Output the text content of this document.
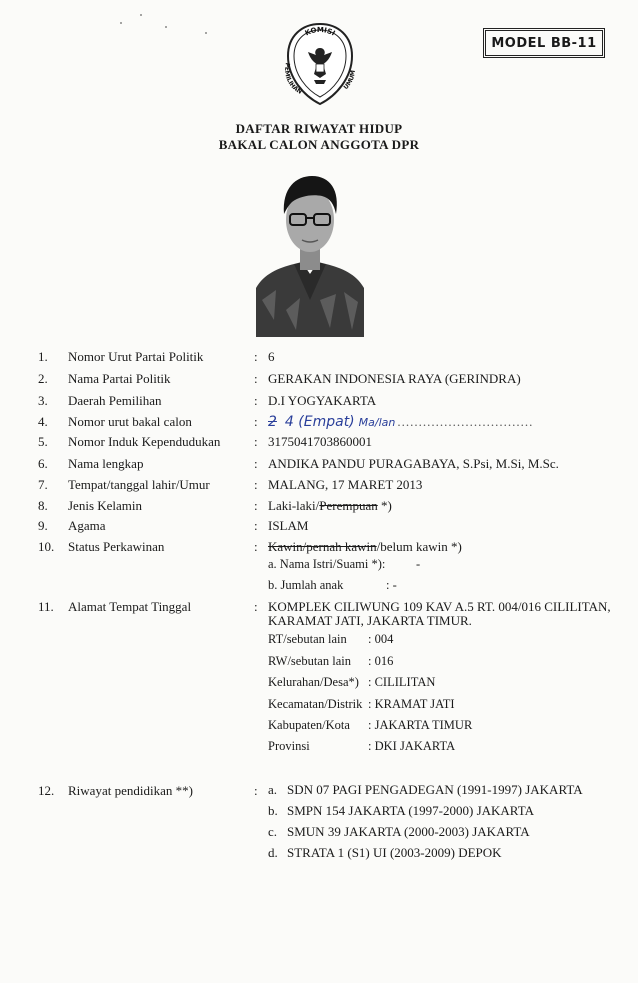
MODEL BB-11
KOMISI
PEMILIHAN
UMUM
DAFTAR RIWAYAT HIDUP
BAKAL CALON ANGGOTA DPR
1.	Nomor Urut Partai Politik	: 6
2.	Nama Partai Politik	: GERAKAN INDONESIA RAYA (GERINDRA)
3.	Daerah Pemilihan	: D.I YOGYAKARTA
4.	Nomor urut bakal calon	: 2 4 (Empat) Ma/lan ................................
5.	Nomor Induk Kependudukan	: 3175041703860001
6.	Nama lengkap	: ANDIKA PANDU PURAGABAYA, S.Psi, M.Si, M.Sc.
7.	Tempat/tanggal lahir/Umur	: MALANG, 17 MARET 2013
8.	Jenis Kelamin	: Laki-laki/Perempuan *)
9.	Agama	: ISLAM
10.	Status Perkawinan	: Kawin/pernah kawin/belum kawin *)
a. Nama Istri/Suami *): -
b. Jumlah anak	: -
11.	Alamat Tempat Tinggal	: KOMPLEK CILIWUNG 109 KAV A.5 RT. 004/016 CILILITAN,
KARAMAT JATI, JAKARTA TIMUR.
RT/sebutan lain : 004
RW/sebutan lain : 016
Kelurahan/Desa*) : CILILITAN
Kecamatan/Distrik : KRAMAT JATI
Kabupaten/Kota : JAKARTA TIMUR
Provinsi	: DKI JAKARTA
12.	Riwayat pendidikan **)	: a. SDN 07 PAGI PENGADEGAN (1991-1997) JAKARTA
b. SMPN 154 JAKARTA (1997-2000) JAKARTA
c. SMUN 39 JAKARTA (2000-2003) JAKARTA
d. STRATA 1 (S1) UI (2003-2009) DEPOK
